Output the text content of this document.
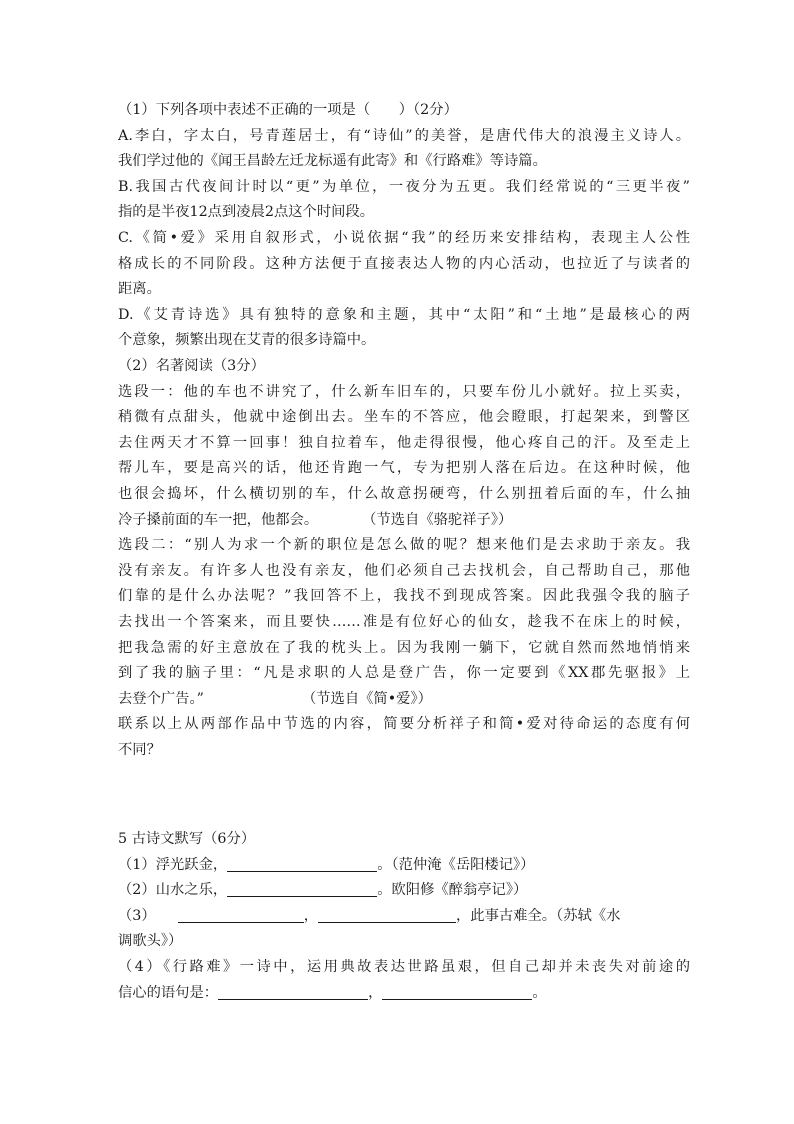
（1）下列各项中表述不正确的一项是（　　）（2分）

A.李白，字太白，号青莲居士，有“诗仙”的美誉，是唐代伟大的浪漫主义诗人。

我们学过他的《闻王昌龄左迁龙标遥有此寄》和《行路难》等诗篇。

B.我国古代夜间计时以“更”为单位，一夜分为五更。我们经常说的“三更半夜”

指的是半夜12点到凌晨2点这个时间段。

C.《简•爱》采用自叙形式，小说依据“我”的经历来安排结构，表现主人公性

格成长的不同阶段。这种方法便于直接表达人物的内心活动，也拉近了与读者的

距离。

D.《艾青诗选》具有独特的意象和主题，其中“太阳”和“土地”是最核心的两

个意象，频繁出现在艾青的很多诗篇中。

（2）名著阅读（3分）

选段一：他的车也不讲究了，什么新车旧车的，只要车份儿小就好。拉上买卖，

稍微有点甜头，他就中途倒出去。坐车的不答应，他会瞪眼，打起架来，到警区

去住两天才不算一回事！独自拉着车，他走得很慢，他心疼自己的汗。及至走上

帮儿车，要是高兴的话，他还肯跑一气，专为把别人落在后边。在这种时候，他

也很会捣坏，什么横切别的车，什么故意拐硬弯，什么别扭着后面的车，什么抽

冷子搡前面的车一把，他都会。	（节选自《骆驼祥子》）

选段二：“别人为求一个新的职位是怎么做的呢？想来他们是去求助于亲友。我

没有亲友。有许多人也没有亲友，他们必须自己去找机会，自己帮助自己，那他

们靠的是什么办法呢？”我回答不上，我找不到现成答案。因此我强令我的脑子

去找出一个答案来，而且要快……准是有位好心的仙女，趁我不在床上的时候，

把我急需的好主意放在了我的枕头上。因为我刚一躺下，它就自然而然地悄悄来

到了我的脑子里：“凡是求职的人总是登广告，你一定要到《XX郡先驱报》上

去登个广告。”	（节选自《简•爱》）

联系以上从两部作品中节选的内容，简要分析祥子和简•爱对待命运的态度有何

不同？

5 古诗文默写（6分）

（1）浮光跃金，	。（范仲淹《岳阳楼记》）

（2）山水之乐，	。欧阳修《醉翁亭记》）

（3）	，	，此事古难全。（苏轼《水

调歌头》）

（4）《行路难》一诗中，运用典故表达世路虽艰，但自己却并未丧失对前途的

信心的语句是：	，	。
